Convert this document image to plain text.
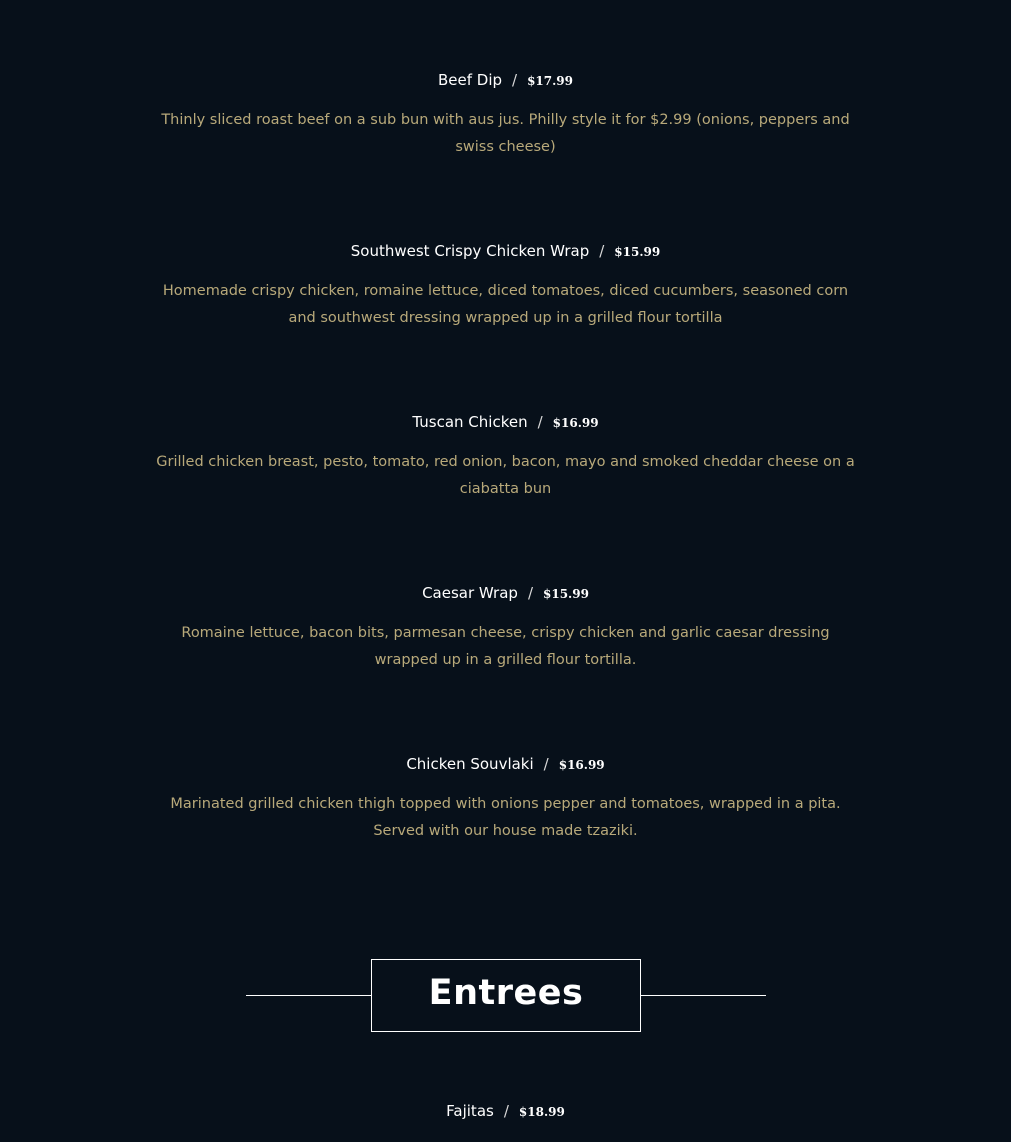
Beef Dip / $17.99
Thinly sliced roast beef on a sub bun with aus jus. Philly style it for $2.99 (onions, peppers and swiss cheese)
Southwest Crispy Chicken Wrap / $15.99
Homemade crispy chicken, romaine lettuce, diced tomatoes, diced cucumbers, seasoned corn and southwest dressing wrapped up in a grilled flour tortilla
Tuscan Chicken / $16.99
Grilled chicken breast, pesto, tomato, red onion, bacon, mayo and smoked cheddar cheese on a ciabatta bun
Caesar Wrap / $15.99
Romaine lettuce, bacon bits, parmesan cheese, crispy chicken and garlic caesar dressing wrapped up in a grilled flour tortilla.
Chicken Souvlaki / $16.99
Marinated grilled chicken thigh topped with onions pepper and tomatoes, wrapped in a pita. Served with our house made tzaziki.
Entrees
Fajitas / $18.99
